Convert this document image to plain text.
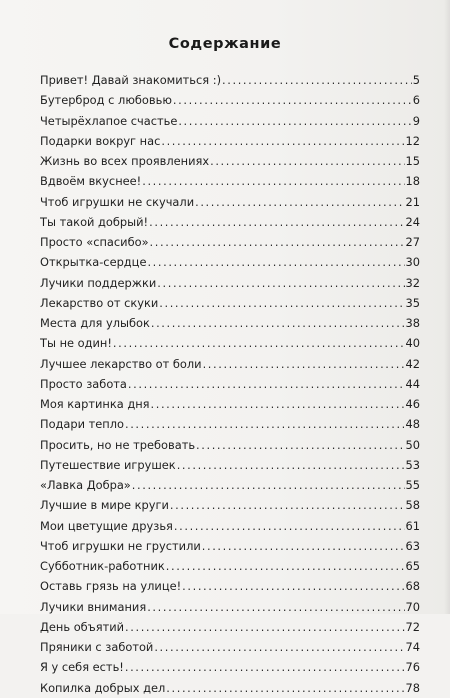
Содержание
Привет! Давай знакомиться :) .....	5
Бутерброд с любовью .....	6
Четырёхлапое счастье .....	9
Подарки вокруг нас .....	12
Жизнь во всех проявлениях .....	15
Вдвоём вкуснее! .....	18
Чтоб игрушки не скучали .....	21
Ты такой добрый! .....	24
Просто «спасибо» .....	27
Открытка-сердце .....	30
Лучики поддержки .....	32
Лекарство от скуки .....	35
Места для улыбок .....	38
Ты не один! .....	40
Лучшее лекарство от боли .....	42
Просто забота .....	44
Моя картинка дня .....	46
Подари тепло .....	48
Просить, но не требовать .....	50
Путешествие игрушек .....	53
«Лавка Добра» .....	55
Лучшие в мире круги .....	58
Мои цветущие друзья .....	61
Чтоб игрушки не грустили .....	63
Субботник-работник .....	65
Оставь грязь на улице! .....	68
Лучики внимания .....	70
День объятий .....	72
Пряники с заботой .....	74
Я у себя есть! .....	76
Копилка добрых дел .....	78
